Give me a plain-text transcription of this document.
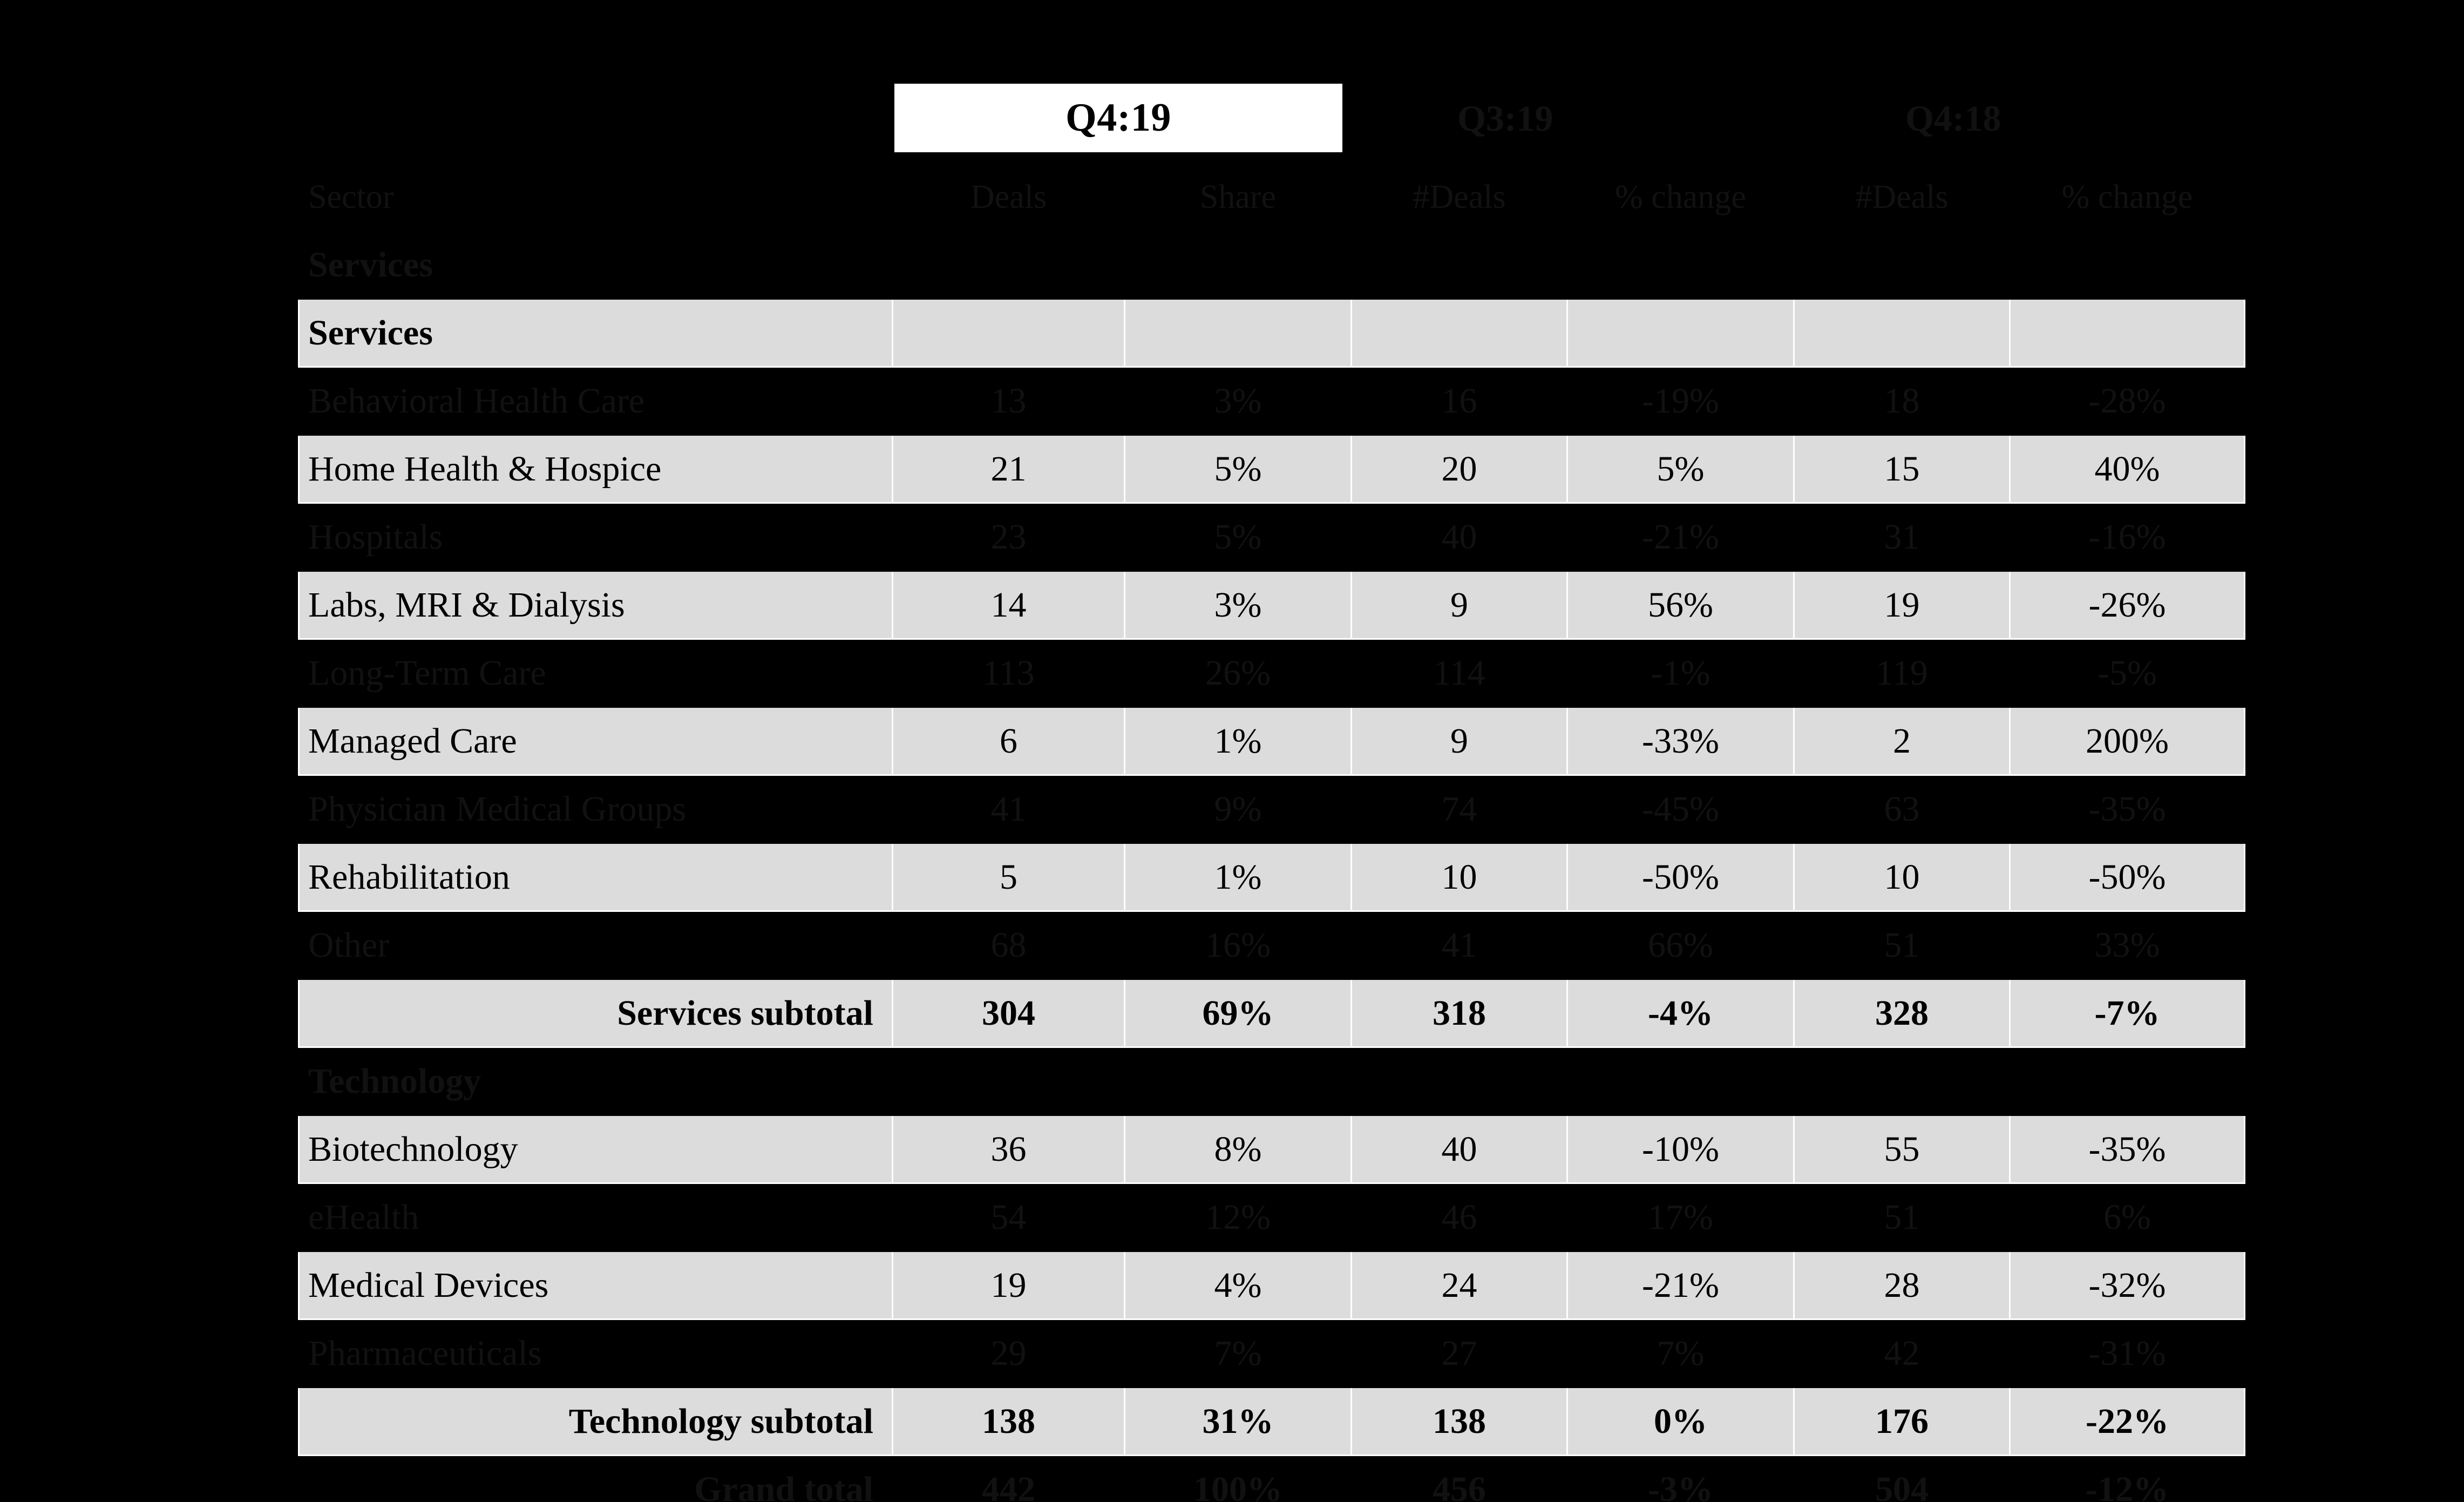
Q4:19	Q3:19	Q4:18
Sector	Deals	Share	#Deals	% change	#Deals	% change
Services						
Services						
Behavioral Health Care	13	3%	16	-19%	18	-28%
Home Health & Hospice	21	5%	20	5%	15	40%
Hospitals	23	5%	40	-21%	31	-16%
Labs, MRI & Dialysis	14	3%	9	56%	19	-26%
Long-Term Care	113	26%	114	-1%	119	-5%
Managed Care	6	1%	9	-33%	2	200%
Physician Medical Groups	41	9%	74	-45%	63	-35%
Rehabilitation	5	1%	10	-50%	10	-50%
Other	68	16%	41	66%	51	33%
Services subtotal	304	69%	318	-4%	328	-7%
Technology						
Biotechnology	36	8%	40	-10%	55	-35%
eHealth	54	12%	46	17%	51	6%
Medical Devices	19	4%	24	-21%	28	-32%
Pharmaceuticals	29	7%	27	7%	42	-31%
Technology subtotal	138	31%	138	0%	176	-22%
Grand total	442	100%	456	-3%	504	-12%
